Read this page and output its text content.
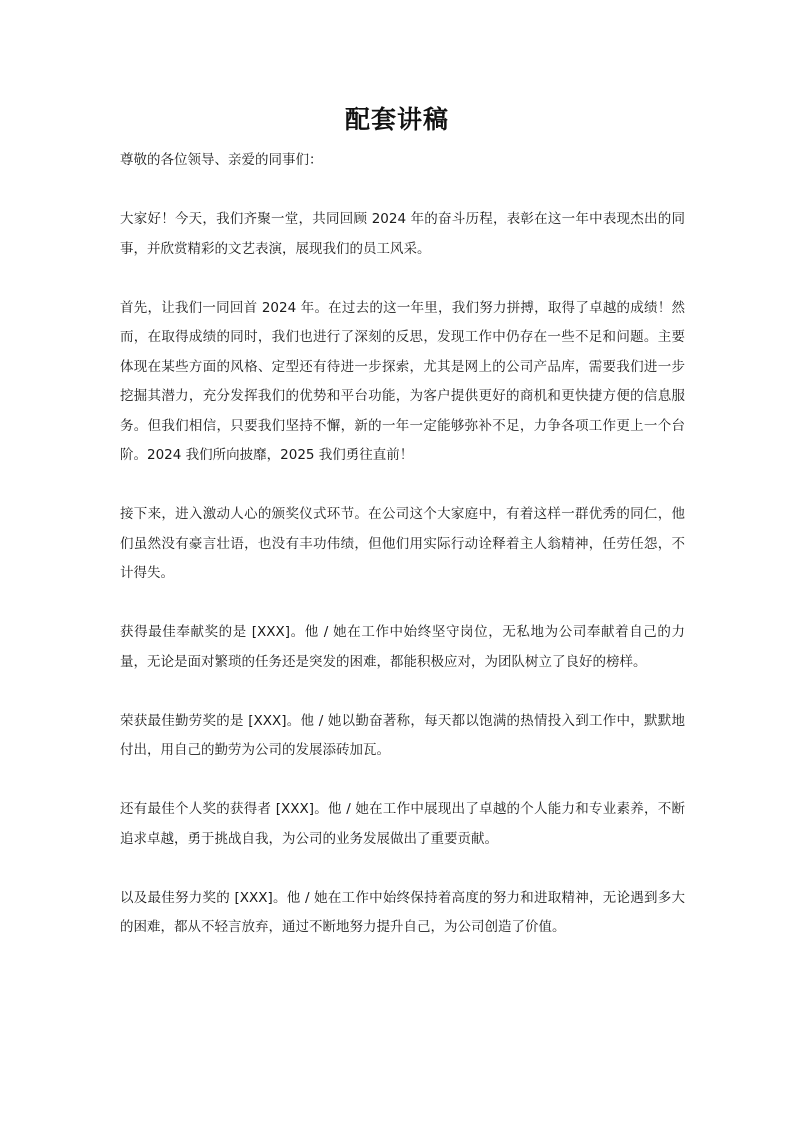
配套讲稿

尊敬的各位领导、亲爱的同事们：

大家好！今天，我们齐聚一堂，共同回顾 2024 年的奋斗历程，表彰在这一年中表现杰出的同事，并欣赏精彩的文艺表演，展现我们的员工风采。

首先，让我们一同回首 2024 年。在过去的这一年里，我们努力拼搏，取得了卓越的成绩！然而，在取得成绩的同时，我们也进行了深刻的反思，发现工作中仍存在一些不足和问题。主要体现在某些方面的风格、定型还有待进一步探索，尤其是网上的公司产品库，需要我们进一步挖掘其潜力，充分发挥我们的优势和平台功能，为客户提供更好的商机和更快捷方便的信息服务。但我们相信，只要我们坚持不懈，新的一年一定能够弥补不足，力争各项工作更上一个台阶。2024 我们所向披靡，2025 我们勇往直前！

接下来，进入激动人心的颁奖仪式环节。在公司这个大家庭中，有着这样一群优秀的同仁，他们虽然没有豪言壮语，也没有丰功伟绩，但他们用实际行动诠释着主人翁精神，任劳任怨，不计得失。

获得最佳奉献奖的是 [XXX]。他 / 她在工作中始终坚守岗位，无私地为公司奉献着自己的力量，无论是面对繁琐的任务还是突发的困难，都能积极应对，为团队树立了良好的榜样。

荣获最佳勤劳奖的是 [XXX]。他 / 她以勤奋著称，每天都以饱满的热情投入到工作中，默默地付出，用自己的勤劳为公司的发展添砖加瓦。

还有最佳个人奖的获得者 [XXX]。他 / 她在工作中展现出了卓越的个人能力和专业素养，不断追求卓越，勇于挑战自我，为公司的业务发展做出了重要贡献。

以及最佳努力奖的 [XXX]。他 / 她在工作中始终保持着高度的努力和进取精神，无论遇到多大的困难，都从不轻言放弃，通过不断地努力提升自己，为公司创造了价值。
